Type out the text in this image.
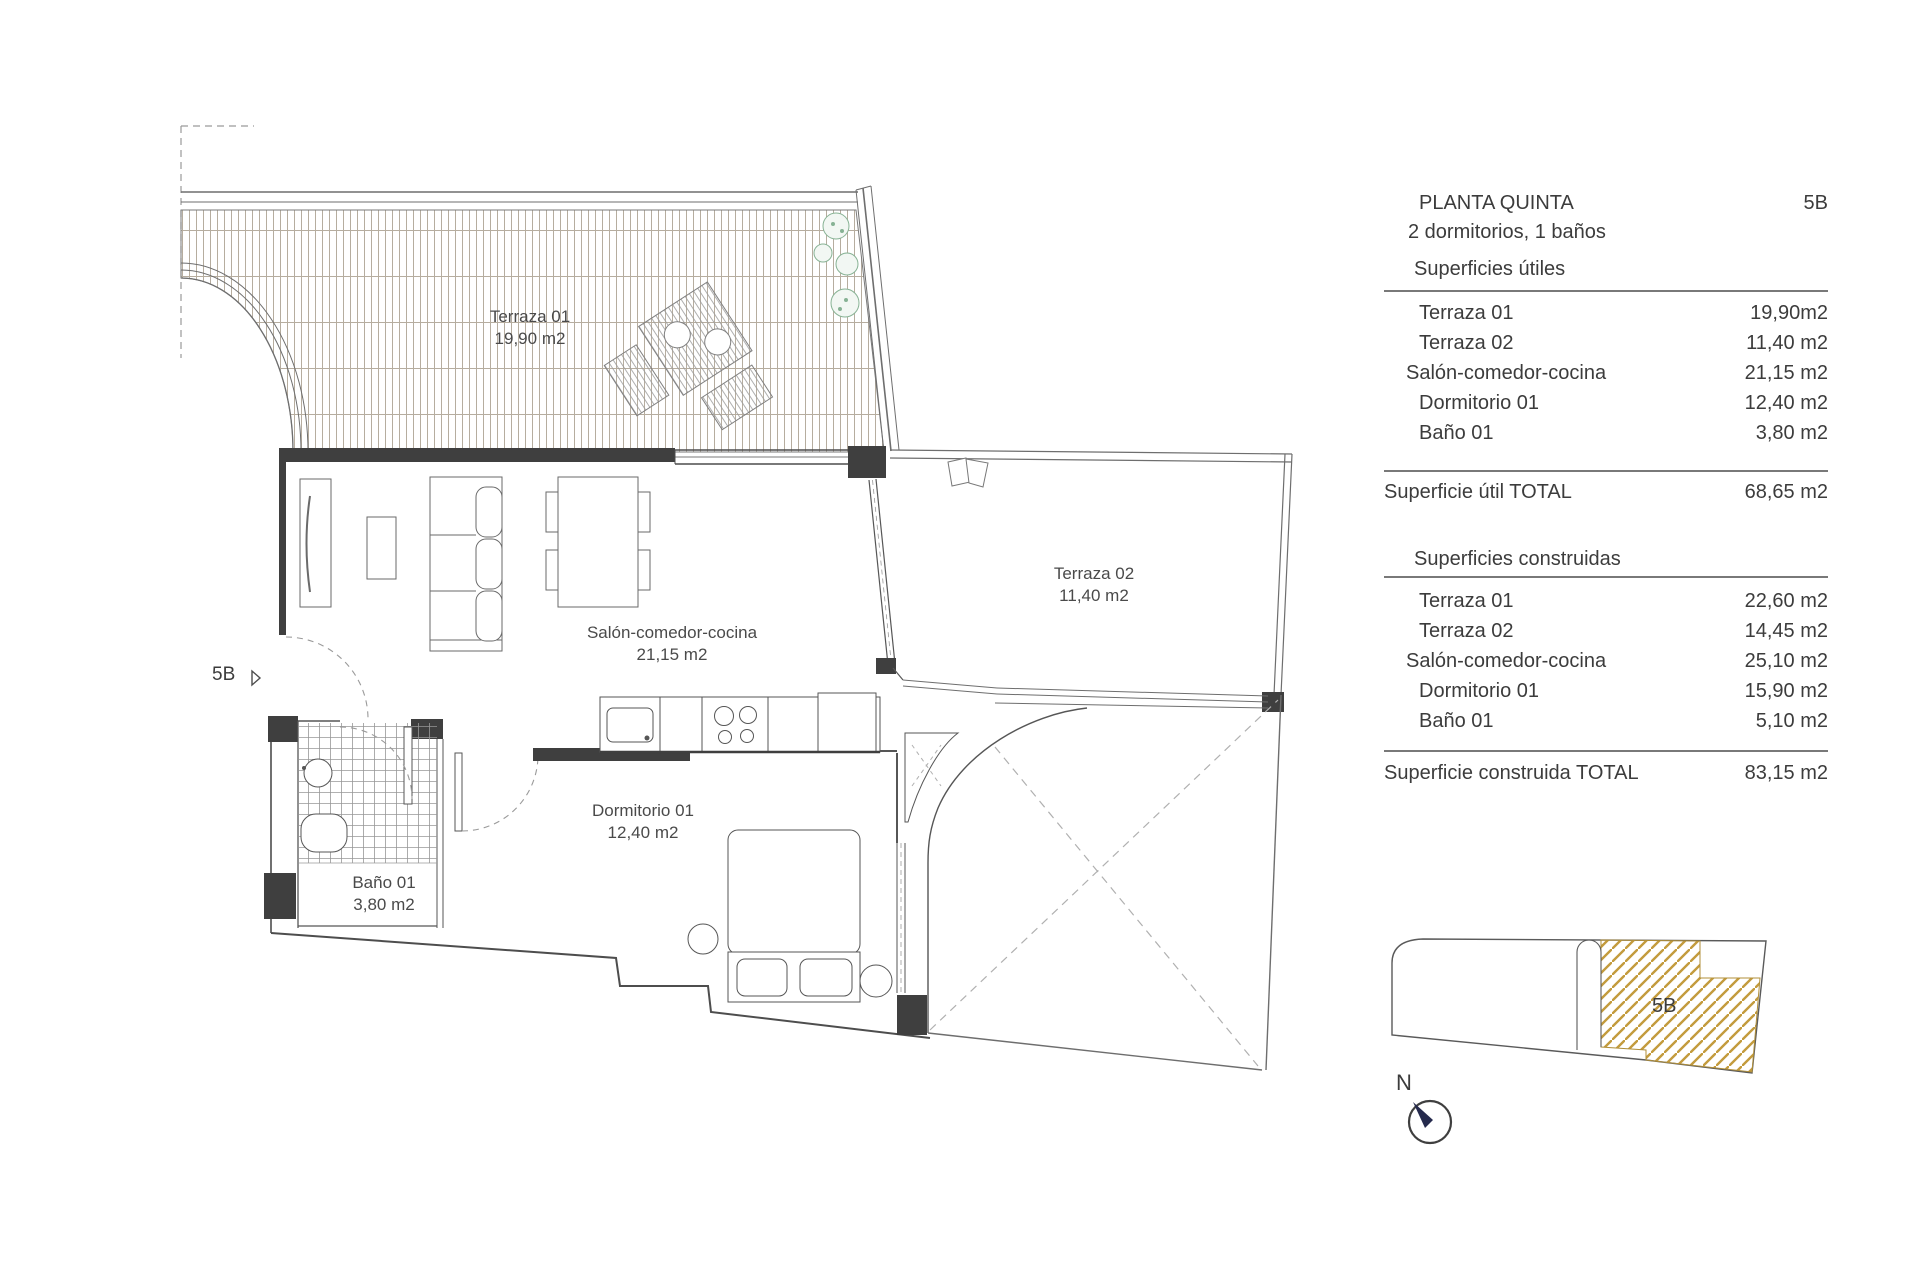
Terraza 01
19,90 m2
Terraza 02
11,40 m2
Salón-comedor-cocina
21,15 m2
Dormitorio 01
12,40 m2
Baño 01
3,80 m2
5B
N
5B
PLANTA QUINTA	5B
2 dormitorios, 1 baños
Superficies útiles
Terraza 01	19,90m2
Terraza 02	11,40 m2
Salón-comedor-cocina	21,15 m2
Dormitorio 01	12,40 m2
Baño 01	3,80 m2
Superficie útil TOTAL	68,65 m2
Superficies construidas
Terraza 01	22,60 m2
Terraza 02	14,45 m2
Salón-comedor-cocina	25,10 m2
Dormitorio 01	15,90 m2
Baño 01	5,10 m2
Superficie construida TOTAL	83,15 m2
